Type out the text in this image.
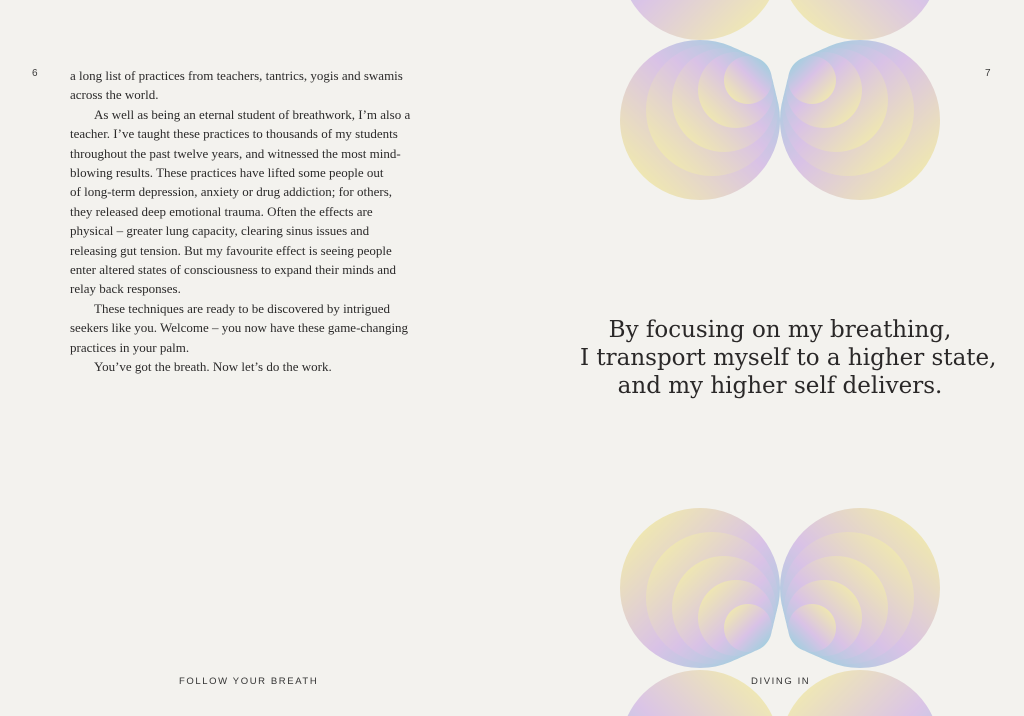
6 a long list of practices from teachers, tantrics, yogis and swamis
across the world.

As well as being an eternal student of breathwork, I’m also a
teacher. I’ve taught these practices to thousands of my students
throughout the past twelve years, and witnessed the most mind-
blowing results. These practices have lifted some people out
of long-term depression, anxiety or drug addiction; for others,
they released deep emotional trauma. Often the effects are
physical – greater lung capacity, clearing sinus issues and
releasing gut tension. But my favourite effect is seeing people
enter altered states of consciousness to expand their minds and
relay back responses.

These techniques are ready to be discovered by intrigued
seekers like you. Welcome – you now have these game-changing
practices in your palm.

You’ve got the breath. Now let’s do the work.

FOLLOW YOUR BREATH
7
By focusing on my breathing,
I transport myself to a higher state,
and my higher self delivers.
DIVING IN
